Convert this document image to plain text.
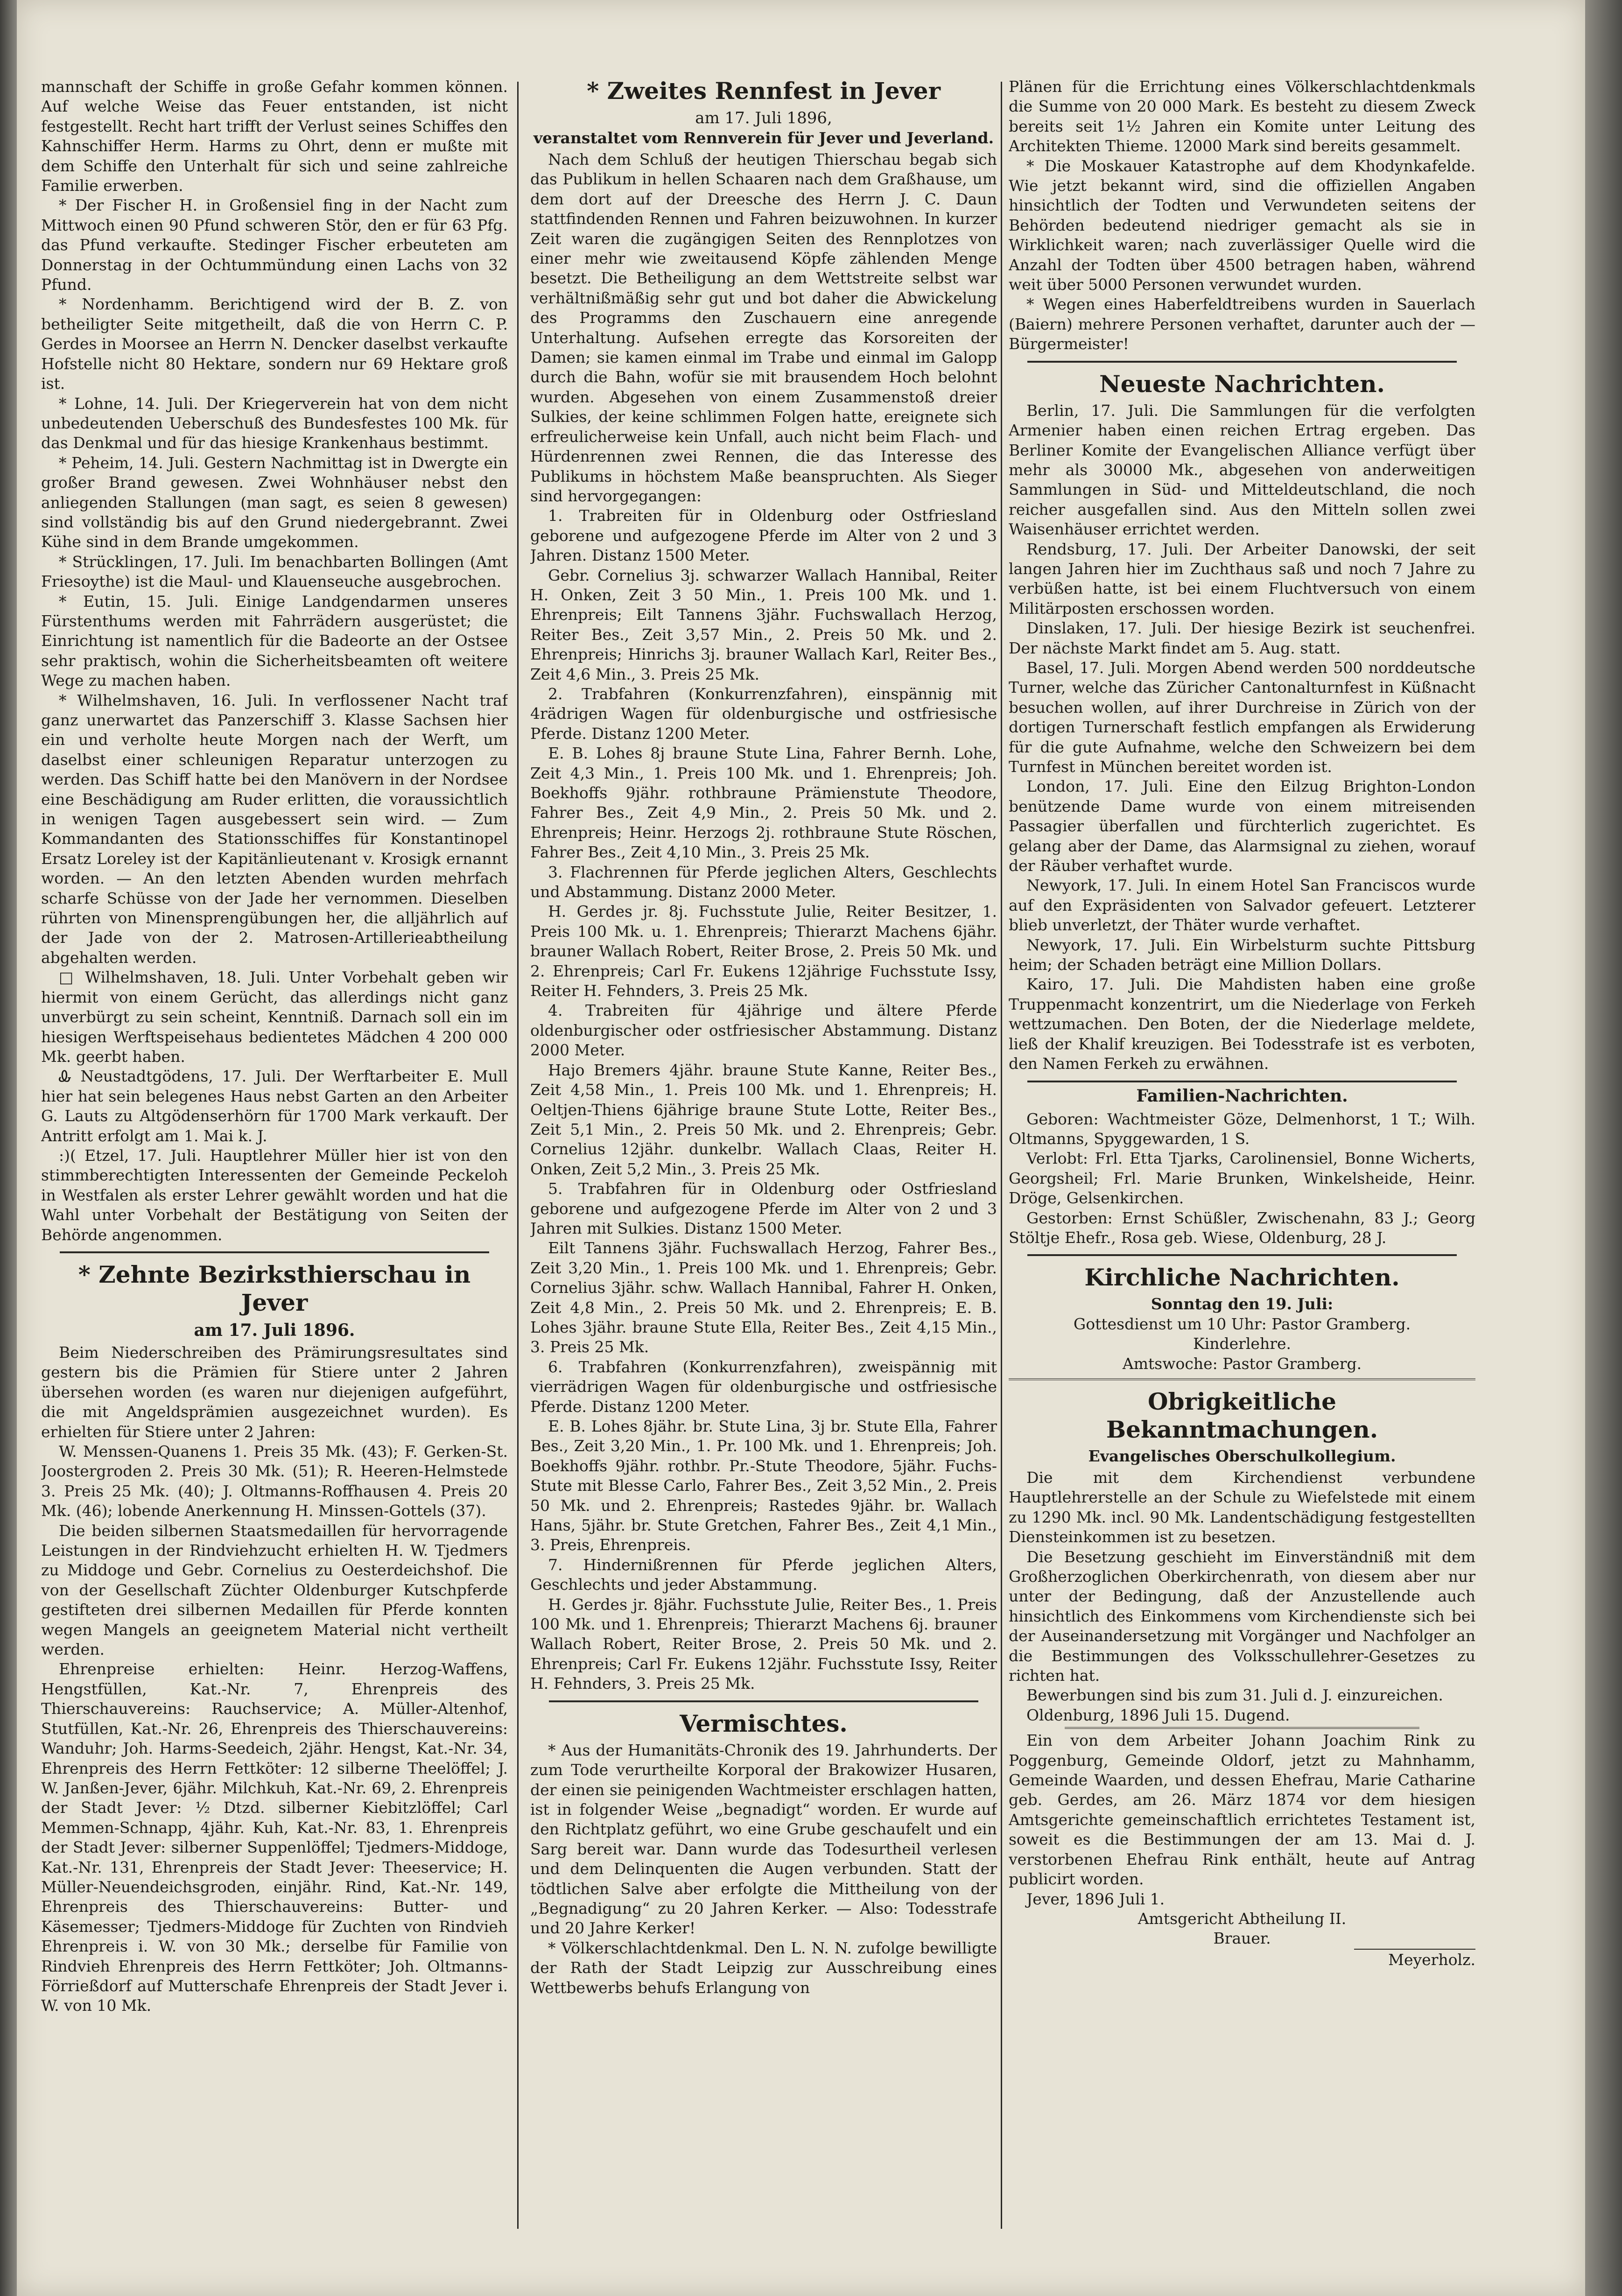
mannschaft der Schiffe in große Gefahr kommen können. Auf welche Weise das Feuer entstanden, ist nicht festgestellt. Recht hart trifft der Verlust seines Schiffes den Kahnschiffer Herm. Harms zu Ohrt, denn er mußte mit dem Schiffe den Unterhalt für sich und seine zahlreiche Familie erwerben.

* Der Fischer H. in Großensiel fing in der Nacht zum Mittwoch einen 90 Pfund schweren Stör, den er für 63 Pfg. das Pfund verkaufte. Stedinger Fischer erbeuteten am Donnerstag in der Ochtummündung einen Lachs von 32 Pfund.

* Nordenhamm. Berichtigend wird der B. Z. von betheiligter Seite mitgetheilt, daß die von Herrn C. P. Gerdes in Moorsee an Herrn N. Dencker daselbst verkaufte Hofstelle nicht 80 Hektare, sondern nur 69 Hektare groß ist.

* Lohne, 14. Juli. Der Kriegerverein hat von dem nicht unbedeutenden Ueberschuß des Bundesfestes 100 Mk. für das Denkmal und für das hiesige Krankenhaus bestimmt.

* Peheim, 14. Juli. Gestern Nachmittag ist in Dwergte ein großer Brand gewesen. Zwei Wohnhäuser nebst den anliegenden Stallungen (man sagt, es seien 8 gewesen) sind vollständig bis auf den Grund niedergebrannt. Zwei Kühe sind in dem Brande umgekommen.

* Strücklingen, 17. Juli. Im benachbarten Bollingen (Amt Friesoythe) ist die Maul- und Klauenseuche ausgebrochen.

* Eutin, 15. Juli. Einige Landgendarmen unseres Fürstenthums werden mit Fahrrädern ausgerüstet; die Einrichtung ist namentlich für die Badeorte an der Ostsee sehr praktisch, wohin die Sicherheitsbeamten oft weitere Wege zu machen haben.

* Wilhelmshaven, 16. Juli. In verflossener Nacht traf ganz unerwartet das Panzerschiff 3. Klasse Sachsen hier ein und verholte heute Morgen nach der Werft, um daselbst einer schleunigen Reparatur unterzogen zu werden. Das Schiff hatte bei den Manövern in der Nordsee eine Beschädigung am Ruder erlitten, die voraussichtlich in wenigen Tagen ausgebessert sein wird. — Zum Kommandanten des Stationsschiffes für Konstantinopel Ersatz Loreley ist der Kapitänlieutenant v. Krosigk ernannt worden. — An den letzten Abenden wurden mehrfach scharfe Schüsse von der Jade her vernommen. Dieselben rührten von Minensprengübungen her, die alljährlich auf der Jade von der 2. Matrosen-Artillerieabtheilung abgehalten werden.

□ Wilhelmshaven, 18. Juli. Unter Vorbehalt geben wir hiermit von einem Gerücht, das allerdings nicht ganz unverbürgt zu sein scheint, Kenntniß. Darnach soll ein im hiesigen Werftspeisehaus bedientetes Mädchen 4 200 000 Mk. geerbt haben.

Ꮂ Neustadtgödens, 17. Juli. Der Werftarbeiter E. Mull hier hat sein belegenes Haus nebst Garten an den Arbeiter G. Lauts zu Altgödenserhörn für 1700 Mark verkauft. Der Antritt erfolgt am 1. Mai k. J.

:)( Etzel, 17. Juli. Hauptlehrer Müller hier ist von den stimmberechtigten Interessenten der Gemeinde Peckeloh in Westfalen als erster Lehrer gewählt worden und hat die Wahl unter Vorbehalt der Bestätigung von Seiten der Behörde angenommen.

* Zehnte Bezirksthierschau in Jever
am 17. Juli 1896.

Beim Niederschreiben des Prämirungsresultates sind gestern bis die Prämien für Stiere unter 2 Jahren übersehen worden (es waren nur diejenigen aufgeführt, die mit Angeldsprämien ausgezeichnet wurden). Es erhielten für Stiere unter 2 Jahren:

W. Menssen-Quanens 1. Preis 35 Mk. (43); F. Gerken-St. Joostergroden 2. Preis 30 Mk. (51); R. Heeren-Helmstede 3. Preis 25 Mk. (40); J. Oltmanns-Roffhausen 4. Preis 20 Mk. (46); lobende Anerkennung H. Minssen-Gottels (37).

Die beiden silbernen Staatsmedaillen für hervorragende Leistungen in der Rindviehzucht erhielten H. W. Tjedmers zu Middoge und Gebr. Cornelius zu Oesterdeichshof. Die von der Gesellschaft Züchter Oldenburger Kutschpferde gestifteten drei silbernen Medaillen für Pferde konnten wegen Mangels an geeignetem Material nicht vertheilt werden.

Ehrenpreise erhielten: Heinr. Herzog-Waffens, Hengstfüllen, Kat.-Nr. 7, Ehrenpreis des Thierschauvereins: Rauchservice; A. Müller-Altenhof, Stutfüllen, Kat.-Nr. 26, Ehrenpreis des Thierschauvereins: Wanduhr; Joh. Harms-Seedeich, 2jähr. Hengst, Kat.-Nr. 34, Ehrenpreis des Herrn Fettköter: 12 silberne Theelöffel; J. W. Janßen-Jever, 6jähr. Milchkuh, Kat.-Nr. 69, 2. Ehrenpreis der Stadt Jever: ½ Dtzd. silberner Kiebitzlöffel; Carl Memmen-Schnapp, 4jähr. Kuh, Kat.-Nr. 83, 1. Ehrenpreis der Stadt Jever: silberner Suppenlöffel; Tjedmers-Middoge, Kat.-Nr. 131, Ehrenpreis der Stadt Jever: Theeservice; H. Müller-Neuendeichsgroden, einjähr. Rind, Kat.-Nr. 149, Ehrenpreis des Thierschauvereins: Butter- und Käsemesser; Tjedmers-Middoge für Zuchten von Rindvieh Ehrenpreis i. W. von 30 Mk.; derselbe für Familie von Rindvieh Ehrenpreis des Herrn Fettköter; Joh. Oltmanns-Förrießdorf auf Mutterschafe Ehrenpreis der Stadt Jever i. W. von 10 Mk.

* Zweites Rennfest in Jever
am 17. Juli 1896,
veranstaltet vom Rennverein für Jever und Jeverland.

Nach dem Schluß der heutigen Thierschau begab sich das Publikum in hellen Schaaren nach dem Graßhause, um dem dort auf der Dreesche des Herrn J. C. Daun stattfindenden Rennen und Fahren beizuwohnen. In kurzer Zeit waren die zugängigen Seiten des Rennplotzes von einer mehr wie zweitausend Köpfe zählenden Menge besetzt. Die Betheiligung an dem Wettstreite selbst war verhältnißmäßig sehr gut und bot daher die Abwickelung des Programms den Zuschauern eine anregende Unterhaltung. Aufsehen erregte das Korsoreiten der Damen; sie kamen einmal im Trabe und einmal im Galopp durch die Bahn, wofür sie mit brausendem Hoch belohnt wurden. Abgesehen von einem Zusammenstoß dreier Sulkies, der keine schlimmen Folgen hatte, ereignete sich erfreulicherweise kein Unfall, auch nicht beim Flach- und Hürdenrennen zwei Rennen, die das Interesse des Publikums in höchstem Maße beanspruchten. Als Sieger sind hervorgegangen:

1. Trabreiten für in Oldenburg oder Ostfriesland geborene und aufgezogene Pferde im Alter von 2 und 3 Jahren. Distanz 1500 Meter.

Gebr. Cornelius 3j. schwarzer Wallach Hannibal, Reiter H. Onken, Zeit 3 50 Min., 1. Preis 100 Mk. und 1. Ehrenpreis; Eilt Tannens 3jähr. Fuchswallach Herzog, Reiter Bes., Zeit 3,57 Min., 2. Preis 50 Mk. und 2. Ehrenpreis; Hinrichs 3j. brauner Wallach Karl, Reiter Bes., Zeit 4,6 Min., 3. Preis 25 Mk.

2. Trabfahren (Konkurrenzfahren), einspännig mit 4rädrigen Wagen für oldenburgische und ostfriesische Pferde. Distanz 1200 Meter.

E. B. Lohes 8j braune Stute Lina, Fahrer Bernh. Lohe, Zeit 4,3 Min., 1. Preis 100 Mk. und 1. Ehrenpreis; Joh. Boekhoffs 9jähr. rothbraune Prämienstute Theodore, Fahrer Bes., Zeit 4,9 Min., 2. Preis 50 Mk. und 2. Ehrenpreis; Heinr. Herzogs 2j. rothbraune Stute Röschen, Fahrer Bes., Zeit 4,10 Min., 3. Preis 25 Mk.

3. Flachrennen für Pferde jeglichen Alters, Geschlechts und Abstammung. Distanz 2000 Meter.

H. Gerdes jr. 8j. Fuchsstute Julie, Reiter Besitzer, 1. Preis 100 Mk. u. 1. Ehrenpreis; Thierarzt Machens 6jähr. brauner Wallach Robert, Reiter Brose, 2. Preis 50 Mk. und 2. Ehrenpreis; Carl Fr. Eukens 12jährige Fuchsstute Issy, Reiter H. Fehnders, 3. Preis 25 Mk.

4. Trabreiten für 4jährige und ältere Pferde oldenburgischer oder ostfriesischer Abstammung. Distanz 2000 Meter.

Hajo Bremers 4jähr. braune Stute Kanne, Reiter Bes., Zeit 4,58 Min., 1. Preis 100 Mk. und 1. Ehrenpreis; H. Oeltjen-Thiens 6jährige braune Stute Lotte, Reiter Bes., Zeit 5,1 Min., 2. Preis 50 Mk. und 2. Ehrenpreis; Gebr. Cornelius 12jähr. dunkelbr. Wallach Claas, Reiter H. Onken, Zeit 5,2 Min., 3. Preis 25 Mk.

5. Trabfahren für in Oldenburg oder Ostfriesland geborene und aufgezogene Pferde im Alter von 2 und 3 Jahren mit Sulkies. Distanz 1500 Meter.

Eilt Tannens 3jähr. Fuchswallach Herzog, Fahrer Bes., Zeit 3,20 Min., 1. Preis 100 Mk. und 1. Ehrenpreis; Gebr. Cornelius 3jähr. schw. Wallach Hannibal, Fahrer H. Onken, Zeit 4,8 Min., 2. Preis 50 Mk. und 2. Ehrenpreis; E. B. Lohes 3jähr. braune Stute Ella, Reiter Bes., Zeit 4,15 Min., 3. Preis 25 Mk.

6. Trabfahren (Konkurrenzfahren), zweispännig mit vierrädrigen Wagen für oldenburgische und ostfriesische Pferde. Distanz 1200 Meter.

E. B. Lohes 8jähr. br. Stute Lina, 3j br. Stute Ella, Fahrer Bes., Zeit 3,20 Min., 1. Pr. 100 Mk. und 1. Ehrenpreis; Joh. Boekhoffs 9jähr. rothbr. Pr.-Stute Theodore, 5jähr. Fuchs-Stute mit Blesse Carlo, Fahrer Bes., Zeit 3,52 Min., 2. Preis 50 Mk. und 2. Ehrenpreis; Rastedes 9jähr. br. Wallach Hans, 5jähr. br. Stute Gretchen, Fahrer Bes., Zeit 4,1 Min., 3. Preis, Ehrenpreis.

7. Hindernißrennen für Pferde jeglichen Alters, Geschlechts und jeder Abstammung.

H. Gerdes jr. 8jähr. Fuchsstute Julie, Reiter Bes., 1. Preis 100 Mk. und 1. Ehrenpreis; Thierarzt Machens 6j. brauner Wallach Robert, Reiter Brose, 2. Preis 50 Mk. und 2. Ehrenpreis; Carl Fr. Eukens 12jähr. Fuchsstute Issy, Reiter H. Fehnders, 3. Preis 25 Mk.

Vermischtes.

* Aus der Humanitäts-Chronik des 19. Jahrhunderts. Der zum Tode verurtheilte Korporal der Brakowizer Husaren, der einen sie peinigenden Wachtmeister erschlagen hatten, ist in folgender Weise „begnadigt“ worden. Er wurde auf den Richtplatz geführt, wo eine Grube geschaufelt und ein Sarg bereit war. Dann wurde das Todesurtheil verlesen und dem Delinquenten die Augen verbunden. Statt der tödtlichen Salve aber erfolgte die Mittheilung von der „Begnadigung“ zu 20 Jahren Kerker. — Also: Todesstrafe und 20 Jahre Kerker!

* Völkerschlachtdenkmal. Den L. N. N. zufolge bewilligte der Rath der Stadt Leipzig zur Ausschreibung eines Wettbewerbs behufs Erlangung von

Plänen für die Errichtung eines Völkerschlachtdenkmals die Summe von 20 000 Mark. Es besteht zu diesem Zweck bereits seit 1½ Jahren ein Komite unter Leitung des Architekten Thieme. 12000 Mark sind bereits gesammelt.

* Die Moskauer Katastrophe auf dem Khodynkafelde. Wie jetzt bekannt wird, sind die offiziellen Angaben hinsichtlich der Todten und Verwundeten seitens der Behörden bedeutend niedriger gemacht als sie in Wirklichkeit waren; nach zuverlässiger Quelle wird die Anzahl der Todten über 4500 betragen haben, während weit über 5000 Personen verwundet wurden.

* Wegen eines Haberfeldtreibens wurden in Sauerlach (Baiern) mehrere Personen verhaftet, darunter auch der — Bürgermeister!

Neueste Nachrichten.

Berlin, 17. Juli. Die Sammlungen für die verfolgten Armenier haben einen reichen Ertrag ergeben. Das Berliner Komite der Evangelischen Alliance verfügt über mehr als 30000 Mk., abgesehen von anderweitigen Sammlungen in Süd- und Mitteldeutschland, die noch reicher ausgefallen sind. Aus den Mitteln sollen zwei Waisenhäuser errichtet werden.

Rendsburg, 17. Juli. Der Arbeiter Danowski, der seit langen Jahren hier im Zuchthaus saß und noch 7 Jahre zu verbüßen hatte, ist bei einem Fluchtversuch von einem Militärposten erschossen worden.

Dinslaken, 17. Juli. Der hiesige Bezirk ist seuchenfrei. Der nächste Markt findet am 5. Aug. statt.

Basel, 17. Juli. Morgen Abend werden 500 norddeutsche Turner, welche das Züricher Cantonalturnfest in Küßnacht besuchen wollen, auf ihrer Durchreise in Zürich von der dortigen Turnerschaft festlich empfangen als Erwiderung für die gute Aufnahme, welche den Schweizern bei dem Turnfest in München bereitet worden ist.

London, 17. Juli. Eine den Eilzug Brighton-London benützende Dame wurde von einem mitreisenden Passagier überfallen und fürchterlich zugerichtet. Es gelang aber der Dame, das Alarmsignal zu ziehen, worauf der Räuber verhaftet wurde.

Newyork, 17. Juli. In einem Hotel San Franciscos wurde auf den Expräsidenten von Salvador gefeuert. Letzterer blieb unverletzt, der Thäter wurde verhaftet.

Newyork, 17. Juli. Ein Wirbelsturm suchte Pittsburg heim; der Schaden beträgt eine Million Dollars.

Kairo, 17. Juli. Die Mahdisten haben eine große Truppenmacht konzentrirt, um die Niederlage von Ferkeh wettzumachen. Den Boten, der die Niederlage meldete, ließ der Khalif kreuzigen. Bei Todesstrafe ist es verboten, den Namen Ferkeh zu erwähnen.

Familien-Nachrichten.

Geboren: Wachtmeister Göze, Delmenhorst, 1 T.; Wilh. Oltmanns, Spyggewarden, 1 S.

Verlobt: Frl. Etta Tjarks, Carolinensiel, Bonne Wicherts, Georgsheil; Frl. Marie Brunken, Winkelsheide, Heinr. Dröge, Gelsenkirchen.

Gestorben: Ernst Schüßler, Zwischenahn, 83 J.; Georg Stöltje Ehefr., Rosa geb. Wiese, Oldenburg, 28 J.

Kirchliche Nachrichten.

Sonntag den 19. Juli:

Gottesdienst um 10 Uhr: Pastor Gramberg.

Kinderlehre.

Amtswoche: Pastor Gramberg.

Obrigkeitliche Bekanntmachungen.
Evangelisches Oberschulkollegium.

Die mit dem Kirchendienst verbundene Hauptlehrerstelle an der Schule zu Wiefelstede mit einem zu 1290 Mk. incl. 90 Mk. Landentschädigung festgestellten Diensteinkommen ist zu besetzen.

Die Besetzung geschieht im Einverständniß mit dem Großherzoglichen Oberkirchenrath, von diesem aber nur unter der Bedingung, daß der Anzustellende auch hinsichtlich des Einkommens vom Kirchendienste sich bei der Auseinandersetzung mit Vorgänger und Nachfolger an die Bestimmungen des Volksschullehrer-Gesetzes zu richten hat.

Bewerbungen sind bis zum 31. Juli d. J. einzureichen.

Oldenburg, 1896 Juli 15. Dugend.

Ein von dem Arbeiter Johann Joachim Rink zu Poggenburg, Gemeinde Oldorf, jetzt zu Mahnhamm, Gemeinde Waarden, und dessen Ehefrau, Marie Catharine geb. Gerdes, am 26. März 1874 vor dem hiesigen Amtsgerichte gemeinschaftlich errichtetes Testament ist, soweit es die Bestimmungen der am 13. Mai d. J. verstorbenen Ehefrau Rink enthält, heute auf Antrag publicirt worden.

Jever, 1896 Juli 1.

Amtsgericht Abtheilung II.

Brauer.

Meyerholz.
